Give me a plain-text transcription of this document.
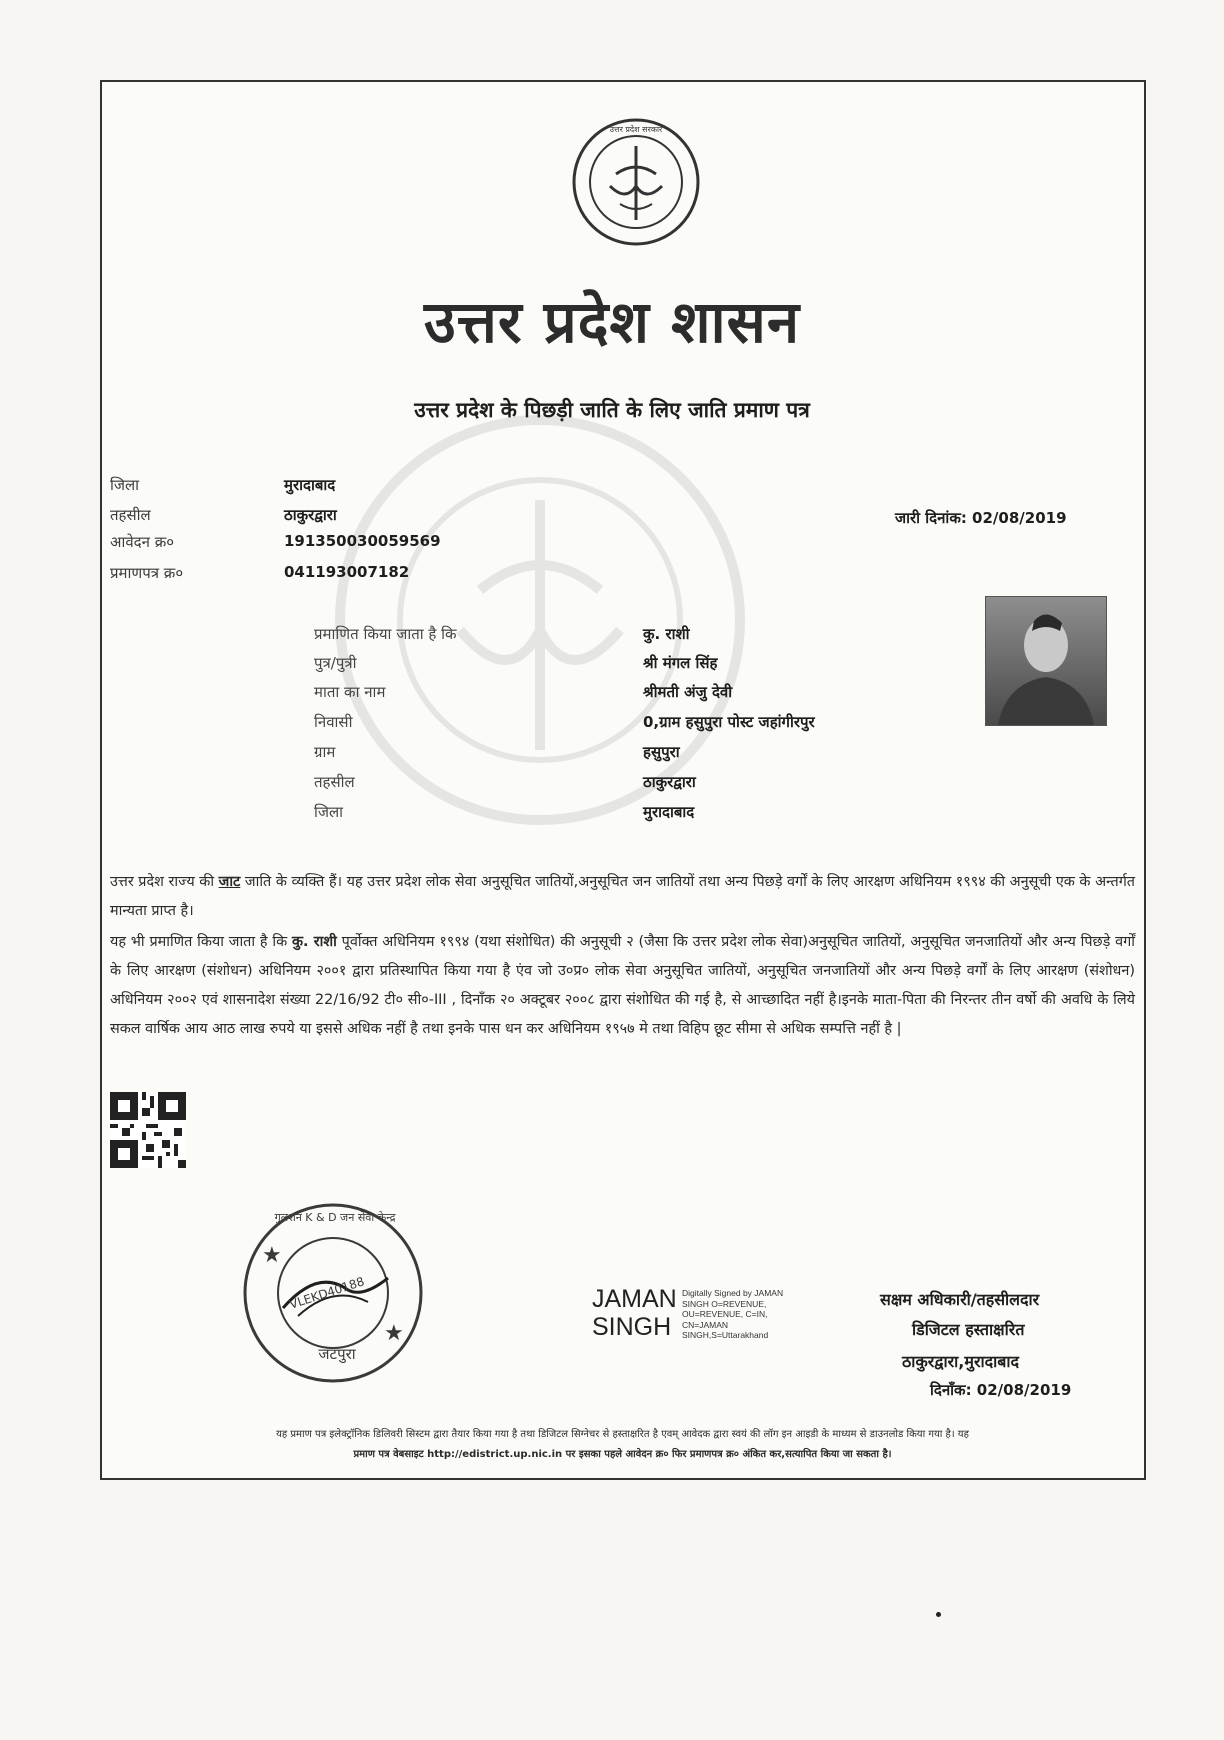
उत्तर प्रदेश सरकार
उत्तर प्रदेश शासन
उत्तर प्रदेश के पिछड़ी जाति के लिए जाति प्रमाण पत्र
जिला	मुरादाबाद
तहसील	ठाकुरद्वारा
आवेदन क्र०	191350030059569
प्रमाणपत्र क्र०	041193007182
जारी दिनांक: 02/08/2019
प्रमाणित किया जाता है कि	कु. राशी
पुत्र/पुत्री	श्री मंगल सिंह
माता का नाम	श्रीमती अंजु देवी
निवासी	0,ग्राम हसुपुरा पोस्ट जहांगीरपुर
ग्राम	हसुपुरा
तहसील	ठाकुरद्वारा
जिला	मुरादाबाद
उत्तर प्रदेश राज्य की जाट जाति के व्यक्ति हैं। यह उत्तर प्रदेश लोक सेवा अनुसूचित जातियों,अनुसूचित जन जातियों तथा अन्य पिछड़े वर्गों के लिए आरक्षण अधिनियम १९९४ की अनुसूची एक के अन्तर्गत मान्यता प्राप्त है।
यह भी प्रमाणित किया जाता है कि कु. राशी पूर्वोक्त अधिनियम १९९४ (यथा संशोधित) की अनुसूची २ (जैसा कि उत्तर प्रदेश लोक सेवा)अनुसूचित जातियों, अनुसूचित जनजातियों और अन्य पिछड़े वर्गों के लिए आरक्षण (संशोधन) अधिनियम २००१ द्वारा प्रतिस्थापित किया गया है एंव जो उ०प्र० लोक सेवा अनुसूचित जातियों, अनुसूचित जनजातियों और अन्य पिछड़े वर्गों के लिए आरक्षण (संशोधन) अधिनियम २००२ एवं शासनादेश संख्या 22/16/92 टी० सी०-III , दिनाँक २० अक्टूबर २००८ द्वारा संशोधित की गई है, से आच्छादित नहीं है।इनके माता-पिता की निरन्तर तीन वर्षो की अवधि के लिये सकल वार्षिक आय आठ लाख रुपये या इससे अधिक नहीं है तथा इनके पास धन कर अधिनियम १९५७ मे तथा विहिप छूट सीमा से अधिक सम्पत्ति नहीं है |
★
★
गुलशन K & D जन सेवा केन्द्र
VLEKD40188
जटपुरा
JAMAN
SINGH
Digitally Signed by JAMAN SINGH O=REVENUE, OU=REVENUE, C=IN, CN=JAMAN SINGH,S=Uttarakhand
सक्षम अधिकारी/तहसीलदार
डिजिटल हस्ताक्षरित
ठाकुरद्वारा,मुरादाबाद
दिनाँक: 02/08/2019
यह प्रमाण पत्र इलेक्ट्रॉनिक डिलिवरी सिस्टम द्वारा तैयार किया गया है तथा डिजिटल सिग्नेचर से हस्ताक्षरित है एवम् आवेदक द्वारा स्वयं की लॉग इन आइडी के माध्यम से डाउनलोड किया गया है। यह
प्रमाण पत्र वेबसाइट http://edistrict.up.nic.in पर इसका पहले आवेदन क्र० फिर प्रमाणपत्र क्र० अंकित कर,सत्यापित किया जा सकता है।
